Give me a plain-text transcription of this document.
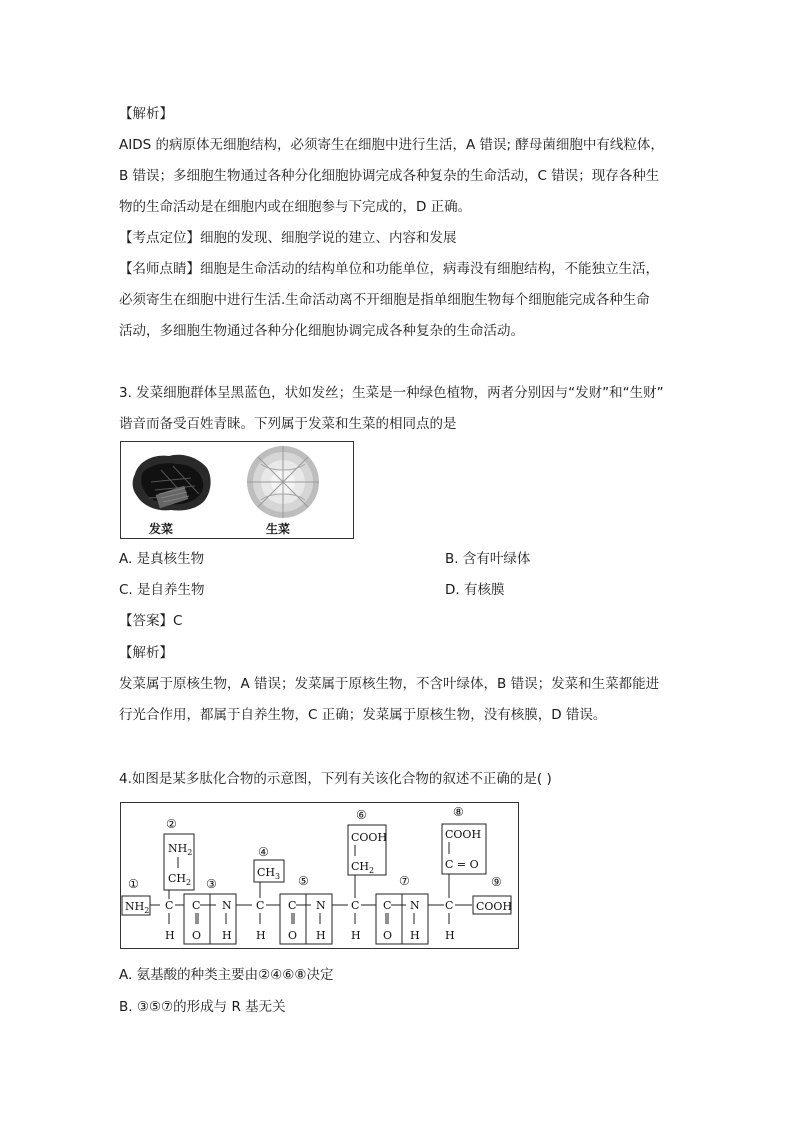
【解析】
AIDS 的病原体无细胞结构，必须寄生在细胞中进行生活，A 错误; 酵母菌细胞中有线粒体，
B 错误；多细胞生物通过各种分化细胞协调完成各种复杂的生命活动，C 错误；现存各种生
物的生命活动是在细胞内或在细胞参与下完成的，D 正确。
【考点定位】细胞的发现、细胞学说的建立、内容和发展
【名师点睛】细胞是生命活动的结构单位和功能单位，病毒没有细胞结构，不能独立生活，
必须寄生在细胞中进行生活.生命活动离不开细胞是指单细胞生物每个细胞能完成各种生命
活动，多细胞生物通过各种分化细胞协调完成各种复杂的生命活动。
3. 发菜细胞群体呈黑蓝色，状如发丝；生菜是一种绿色植物，两者分别因与“发财”和“生财”
谐音而备受百姓青睐。下列属于发菜和生菜的相同点的是
发菜	生菜
A. 是真核生物	B. 含有叶绿体
C. 是自养生物	D. 有核膜
【答案】C
【解析】
发菜属于原核生物，A 错误；发菜属于原核生物，不含叶绿体，B 错误；发菜和生菜都能进
行光合作用，都属于自养生物，C 正确；发菜属于原核生物，没有核膜，D 错误。
4.如图是某多肽化合物的示意图，下列有关该化合物的叙述不正确的是( )
①
②
③
④
⑤
⑥
⑦
⑧
⑨
$NH_2$
$NH_2$
$CH_2$
C
H
C N
O H
$CH_3$
C
H
C N
O H
COOH
$CH_2$
C
H
C N
O H
COOH
C = O
C
H
COOH
A. 氨基酸的种类主要由②④⑥⑧决定
B. ③⑤⑦的形成与 R 基无关
